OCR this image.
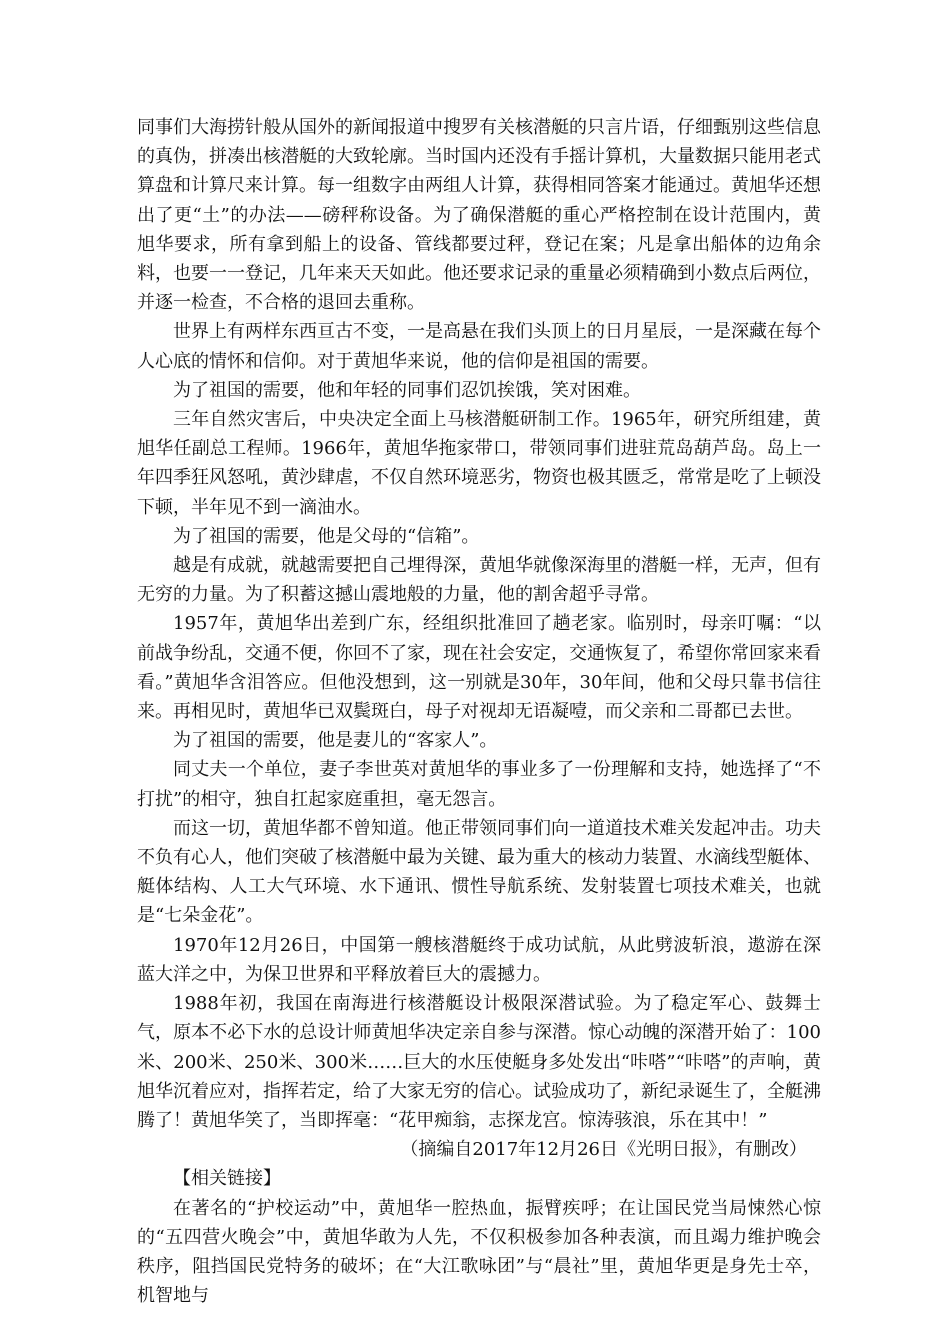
同事们大海捞针般从国外的新闻报道中搜罗有关核潜艇的只言片语，仔细甄别这些信息的真伪，拼凑出核潜艇的大致轮廓。当时国内还没有手摇计算机，大量数据只能用老式算盘和计算尺来计算。每一组数字由两组人计算，获得相同答案才能通过。黄旭华还想出了更“土”的办法——磅秤称设备。为了确保潜艇的重心严格控制在设计范围内，黄旭华要求，所有拿到船上的设备、管线都要过秤，登记在案；凡是拿出船体的边角余料，也要一一登记，几年来天天如此。他还要求记录的重量必须精确到小数点后两位，并逐一检查，不合格的退回去重称。

世界上有两样东西亘古不变，一是高悬在我们头顶上的日月星辰，一是深藏在每个人心底的情怀和信仰。对于黄旭华来说，他的信仰是祖国的需要。

为了祖国的需要，他和年轻的同事们忍饥挨饿，笑对困难。

三年自然灾害后，中央决定全面上马核潜艇研制工作。1965年，研究所组建，黄旭华任副总工程师。1966年，黄旭华拖家带口，带领同事们进驻荒岛葫芦岛。岛上一年四季狂风怒吼，黄沙肆虐，不仅自然环境恶劣，物资也极其匮乏，常常是吃了上顿没下顿，半年见不到一滴油水。

为了祖国的需要，他是父母的“信箱”。

越是有成就，就越需要把自己埋得深，黄旭华就像深海里的潜艇一样，无声，但有无穷的力量。为了积蓄这撼山震地般的力量，他的割舍超乎寻常。

1957年，黄旭华出差到广东，经组织批准回了趟老家。临别时，母亲叮嘱：“以前战争纷乱，交通不便，你回不了家，现在社会安定，交通恢复了，希望你常回家来看看。”黄旭华含泪答应。但他没想到，这一别就是30年，30年间，他和父母只靠书信往来。再相见时，黄旭华已双鬓斑白，母子对视却无语凝噎，而父亲和二哥都已去世。

为了祖国的需要，他是妻儿的“客家人”。

同丈夫一个单位，妻子李世英对黄旭华的事业多了一份理解和支持，她选择了“不打扰”的相守，独自扛起家庭重担，毫无怨言。

而这一切，黄旭华都不曾知道。他正带领同事们向一道道技术难关发起冲击。功夫不负有心人，他们突破了核潜艇中最为关键、最为重大的核动力装置、水滴线型艇体、艇体结构、人工大气环境、水下通讯、惯性导航系统、发射装置七项技术难关，也就是“七朵金花”。

1970年12月26日，中国第一艘核潜艇终于成功试航，从此劈波斩浪，遨游在深蓝大洋之中，为保卫世界和平释放着巨大的震撼力。

1988年初，我国在南海进行核潜艇设计极限深潜试验。为了稳定军心、鼓舞士气，原本不必下水的总设计师黄旭华决定亲自参与深潜。惊心动魄的深潜开始了：100米、200米、250米、300米……巨大的水压使艇身多处发出“咔嗒”“咔嗒”的声响，黄旭华沉着应对，指挥若定，给了大家无穷的信心。试验成功了，新纪录诞生了，全艇沸腾了！黄旭华笑了，当即挥毫：“花甲痴翁，志探龙宫。惊涛骇浪，乐在其中！”

（摘编自2017年12月26日《光明日报》，有删改）

【相关链接】

在著名的“护校运动”中，黄旭华一腔热血，振臂疾呼；在让国民党当局悚然心惊的“五四营火晚会”中，黄旭华敢为人先，不仅积极参加各种表演，而且竭力维护晚会秩序，阻挡国民党特务的破坏；在“大江歌咏团”与“晨社”里，黄旭华更是身先士卒，机智地与
